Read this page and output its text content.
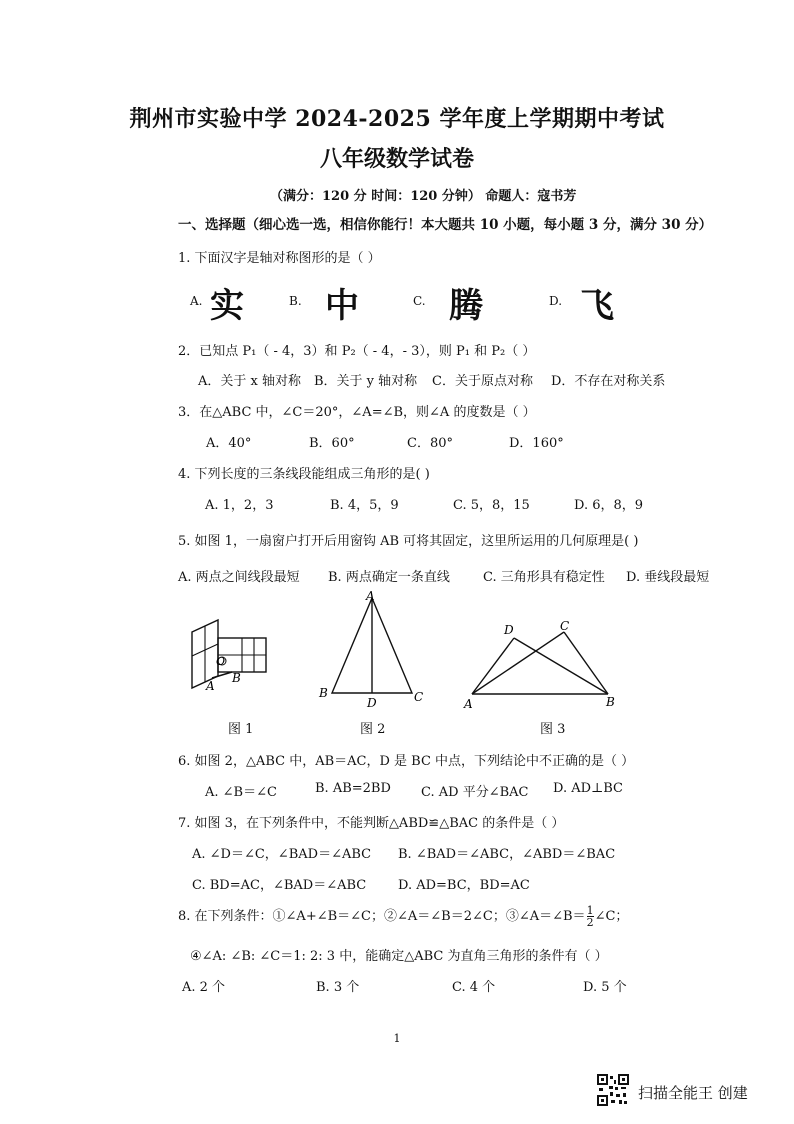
荆州市实验中学 2024-2025 学年度上学期期中考试
八年级数学试卷
（满分：120 分 时间：120 分钟） 命题人：寇书芳
一、选择题（细心选一选，相信你能行！本大题共 10 小题，每小题 3 分，满分 30 分）
1. 下面汉字是轴对称图形的是（ ）
A. 实	B. 中	C. 腾	D. 飞
2．已知点 P₁（ - 4，3）和 P₂（ - 4，- 3），则 P₁ 和 P₂（ ）
A．关于 x 轴对称 B．关于 y 轴对称 C．关于原点对称 D．不存在对称关系
3．在△ABC 中，∠C＝20°，∠A=∠B，则∠A 的度数是（ ）
A．40°	B．60°	C．80°	D．160°
4. 下列长度的三条线段能组成三角形的是( )
A. 1，2，3	B. 4，5，9	C. 5，8，15	D. 6，8，9
5. 如图 1，一扇窗户打开后用窗钩 AB 可将其固定，这里所运用的几何原理是( )
A. 两点之间线段最短 B. 两点确定一条直线	C. 三角形具有稳定性 D. 垂线段最短
O
A
B
图 1
A
B
D	C
图 2
D	C
A	B
图 3
6. 如图 2，△ABC 中，AB＝AC，D 是 BC 中点，下列结论中不正确的是（ ）
A. ∠B＝∠C	B. AB=2BD C. AD 平分∠BAC D. AD⊥BC
7. 如图 3，在下列条件中，不能判断△ABD≌△BAC 的条件是（ ）
A. ∠D＝∠C，∠BAD＝∠ABC B. ∠BAD＝∠ABC，∠ABD＝∠BAC
C. BD=AC，∠BAD＝∠ABC D. AD=BC，BD=AC
8. 在下列条件：①∠A+∠B＝∠C；②∠A＝∠B＝2∠C；③∠A＝∠B＝ $\frac{1}{2}$ ∠C；
④∠A: ∠B: ∠C＝1: 2: 3 中，能确定△ABC 为直角三角形的条件有（ ）
A. 2 个	B. 3 个	C. 4 个	D. 5 个
1
扫描全能王 创建
